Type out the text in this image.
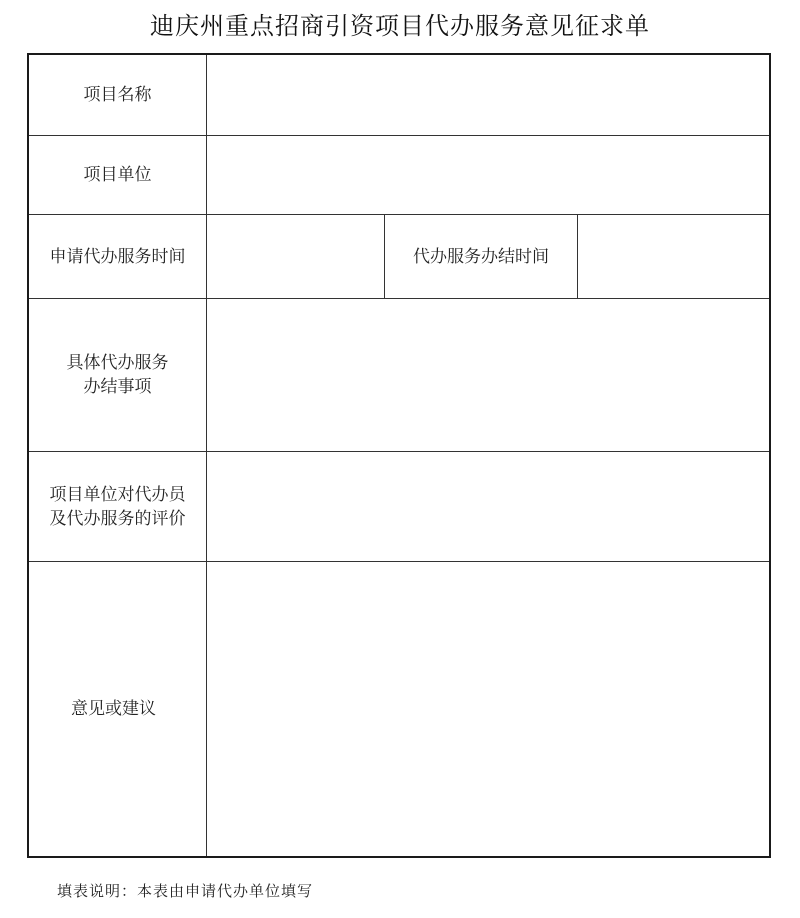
迪庆州重点招商引资项目代办服务意见征求单
项目名称
项目单位
申请代办服务时间	代办服务办结时间
具体代办服务
办结事项
项目单位对代办员
及代办服务的评价
意见或建议
填表说明：本表由申请代办单位填写
